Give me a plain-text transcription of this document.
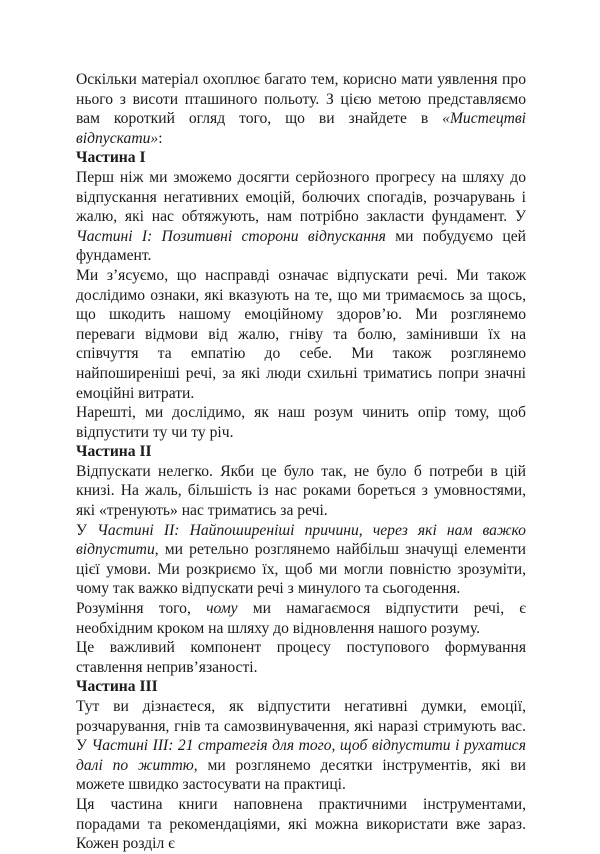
Оскільки матеріал охоплює багато тем, корисно мати уявлення про нього з висоти пташиного польоту. З цією метою представляємо вам короткий огляд того, що ви знайдете в «Мистецтві відпускати»:

Частина I

Перш ніж ми зможемо досягти серйозного прогресу на шляху до відпускання негативних емоцій, болючих спогадів, розчарувань і жалю, які нас обтяжують, нам потрібно закласти фундамент. У Частині І: Позитивні сторони відпускання ми побудуємо цей фундамент.

Ми з’ясуємо, що насправді означає відпускати речі. Ми також дослідимо ознаки, які вказують на те, що ми тримаємось за щось, що шкодить нашому емоційному здоров’ю. Ми розглянемо переваги відмови від жалю, гніву та болю, замінивши їх на співчуття та емпатію до себе. Ми також розглянемо найпоширеніші речі, за які люди схильні триматись попри значні емоційні витрати.

Нарешті, ми дослідимо, як наш розум чинить опір тому, щоб відпустити ту чи ту річ.

Частина ІІ

Відпускати нелегко. Якби це було так, не було б потреби в цій книзі. На жаль, більшість із нас роками бореться з умовностями, які «тренують» нас триматись за речі.

У Частині ІІ: Найпоширеніші причини, через які нам важко відпустити, ми ретельно розглянемо найбільш значущі елементи цієї умови. Ми розкриємо їх, щоб ми могли повністю зрозуміти, чому так важко відпускати речі з минулого та сьогодення.

Розуміння того, чому ми намагаємося відпустити речі, є необхідним кроком на шляху до відновлення нашого розуму.

Це важливий компонент процесу поступового формування ставлення непривʼязаності.

Частина ІІІ

Тут ви дізнаєтеся, як відпустити негативні думки, емоції, розчарування, гнів та самозвинувачення, які наразі стримують вас. У Частині ІІІ: 21 стратегія для того, щоб відпустити і рухатися далі по життю, ми розглянемо десятки інструментів, які ви можете швидко застосувати на практиці.

Ця частина книги наповнена практичними інструментами, порадами та рекомендаціями, які можна використати вже зараз. Кожен розділ є
